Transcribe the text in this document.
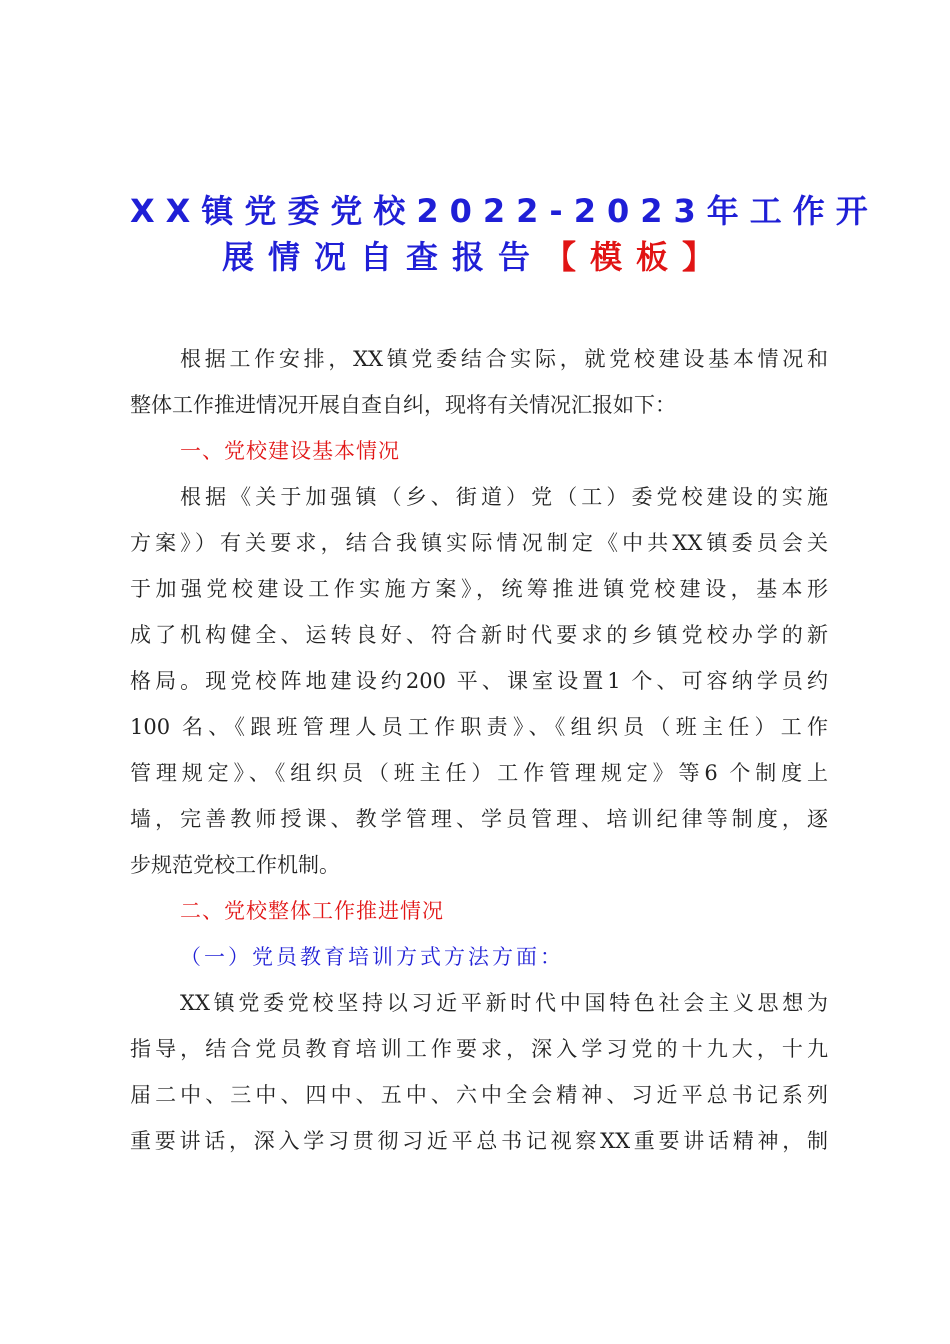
XX镇党委党校2022-2023年工作开
展情况自查报告【模板】
根据工作安排，XX镇党委结合实际，就党校建设基本情况和
整体工作推进情况开展自查自纠，现将有关情况汇报如下：
一、党校建设基本情况
根据《关于加强镇（乡、街道）党（工）委党校建设的实施
方案》）有关要求，结合我镇实际情况制定《中共XX镇委员会关
于加强党校建设工作实施方案》，统筹推进镇党校建设，基本形
成了机构健全、运转良好、符合新时代要求的乡镇党校办学的新
格局。现党校阵地建设约200 平、课室设置1 个、可容纳学员约
100 名、《跟班管理人员工作职责》、《组织员（班主任）工作
管理规定》、《组织员（班主任）工作管理规定》等6 个制度上
墙，完善教师授课、教学管理、学员管理、培训纪律等制度，逐
步规范党校工作机制。
二、党校整体工作推进情况
（一）党员教育培训方式方法方面：
XX镇党委党校坚持以习近平新时代中国特色社会主义思想为
指导，结合党员教育培训工作要求，深入学习党的十九大，十九
届二中、三中、四中、五中、六中全会精神、习近平总书记系列
重要讲话，深入学习贯彻习近平总书记视察XX重要讲话精神，制
